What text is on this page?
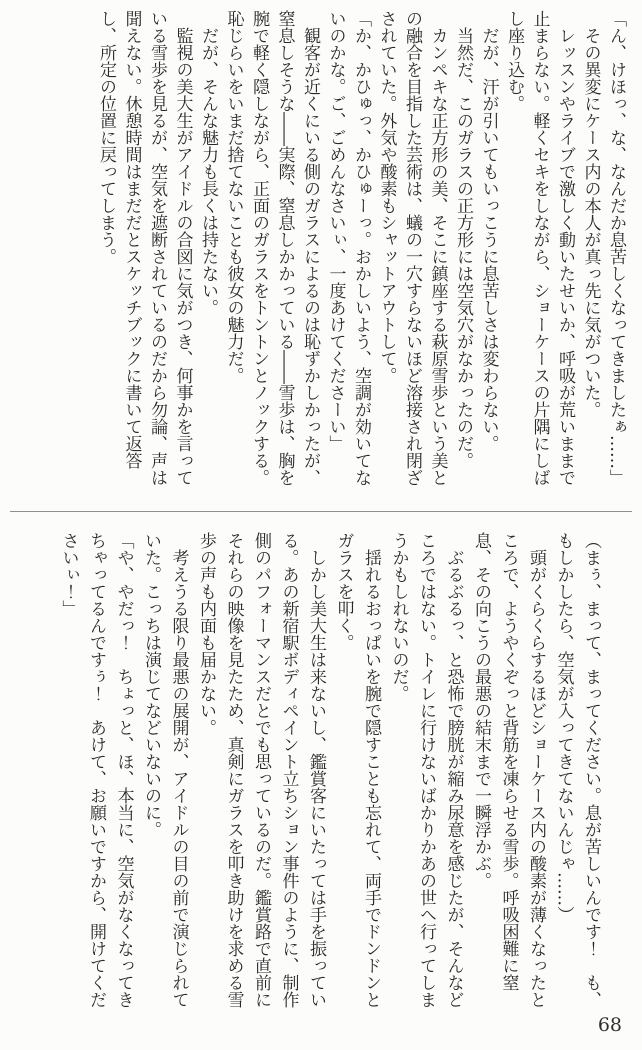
「ん、けほっ、な、なんだか息苦しくなってきましたぁ……」

　その異変にケース内の本人が真っ先に気がついた。

　レッスンやライブで激しく動いたせいか、呼吸が荒いままで止まらない。軽くセキをしながら、ショーケースの片隅にしばし座り込む。

　だが、汗が引いてもいっこうに息苦しさは変わらない。

　当然だ、このガラスの正方形には空気穴がなかったのだ。

　カンペキな正方形の美、そこに鎮座する萩原雪歩という美との融合を目指した芸術は、蟻の一穴すらないほど溶接され閉ざされていた。外気や酸素もシャットアウトして。

「か、かひゅっ、かひゅーっ。おかしいよう、空調が効いてないのかな。ご、ごめんなさいぃ、一度あけてくださーい」

　観客が近くにいる側のガラスによるのは恥ずかしかったが、窒息しそうな――実際、窒息しかかっている――雪歩は、胸を腕で軽く隠しながら、正面のガラスをトントンとノックする。恥じらいをいまだ捨てないことも彼女の魅力だ。

　だが、そんな魅力も長くは持たない。

　監視の美大生がアイドルの合図に気がつき、何事かを言っている雪歩を見るが、空気を遮断されているのだから勿論、声は聞えない。休憩時間はまだだとスケッチブックに書いて返答し、所定の位置に戻ってしまう。

（まぅ、まって、まってください。息が苦しいんです！　も、もしかしたら、空気が入ってきてないんじゃ……）

　頭がくらくらするほどショーケース内の酸素が薄くなったところで、ようやくぞっと背筋を凍らせる雪歩。呼吸困難に窒息、その向こうの最悪の結末まで一瞬浮かぶ。

　ぶるぶるっ、と恐怖で膀胱が縮み尿意を感じたが、そんなどころではない。トイレに行けないばかりかあの世へ行ってしまうかもしれないのだ。

　揺れるおっぱいを腕で隠すことも忘れて、両手でドンドンとガラスを叩く。

　しかし美大生は来ないし、鑑賞客にいたっては手を振っている。あの新宿駅ボディペイント立ちション事件のように、制作側のパフォーマンスだとでも思っているのだ。鑑賞路で直前にそれらの映像を見たため、真剣にガラスを叩き助けを求める雪歩の声も内面も届かない。

　考えうる限り最悪の展開が、アイドルの目の前で演じられていた。こっちは演じてなどいないのに。

「や、やだっ！　ちょっと、ほ、本当に、空気がなくなってきちゃってるんですぅ！　あけて、お願いですから、開けてくださいぃ！」

68
